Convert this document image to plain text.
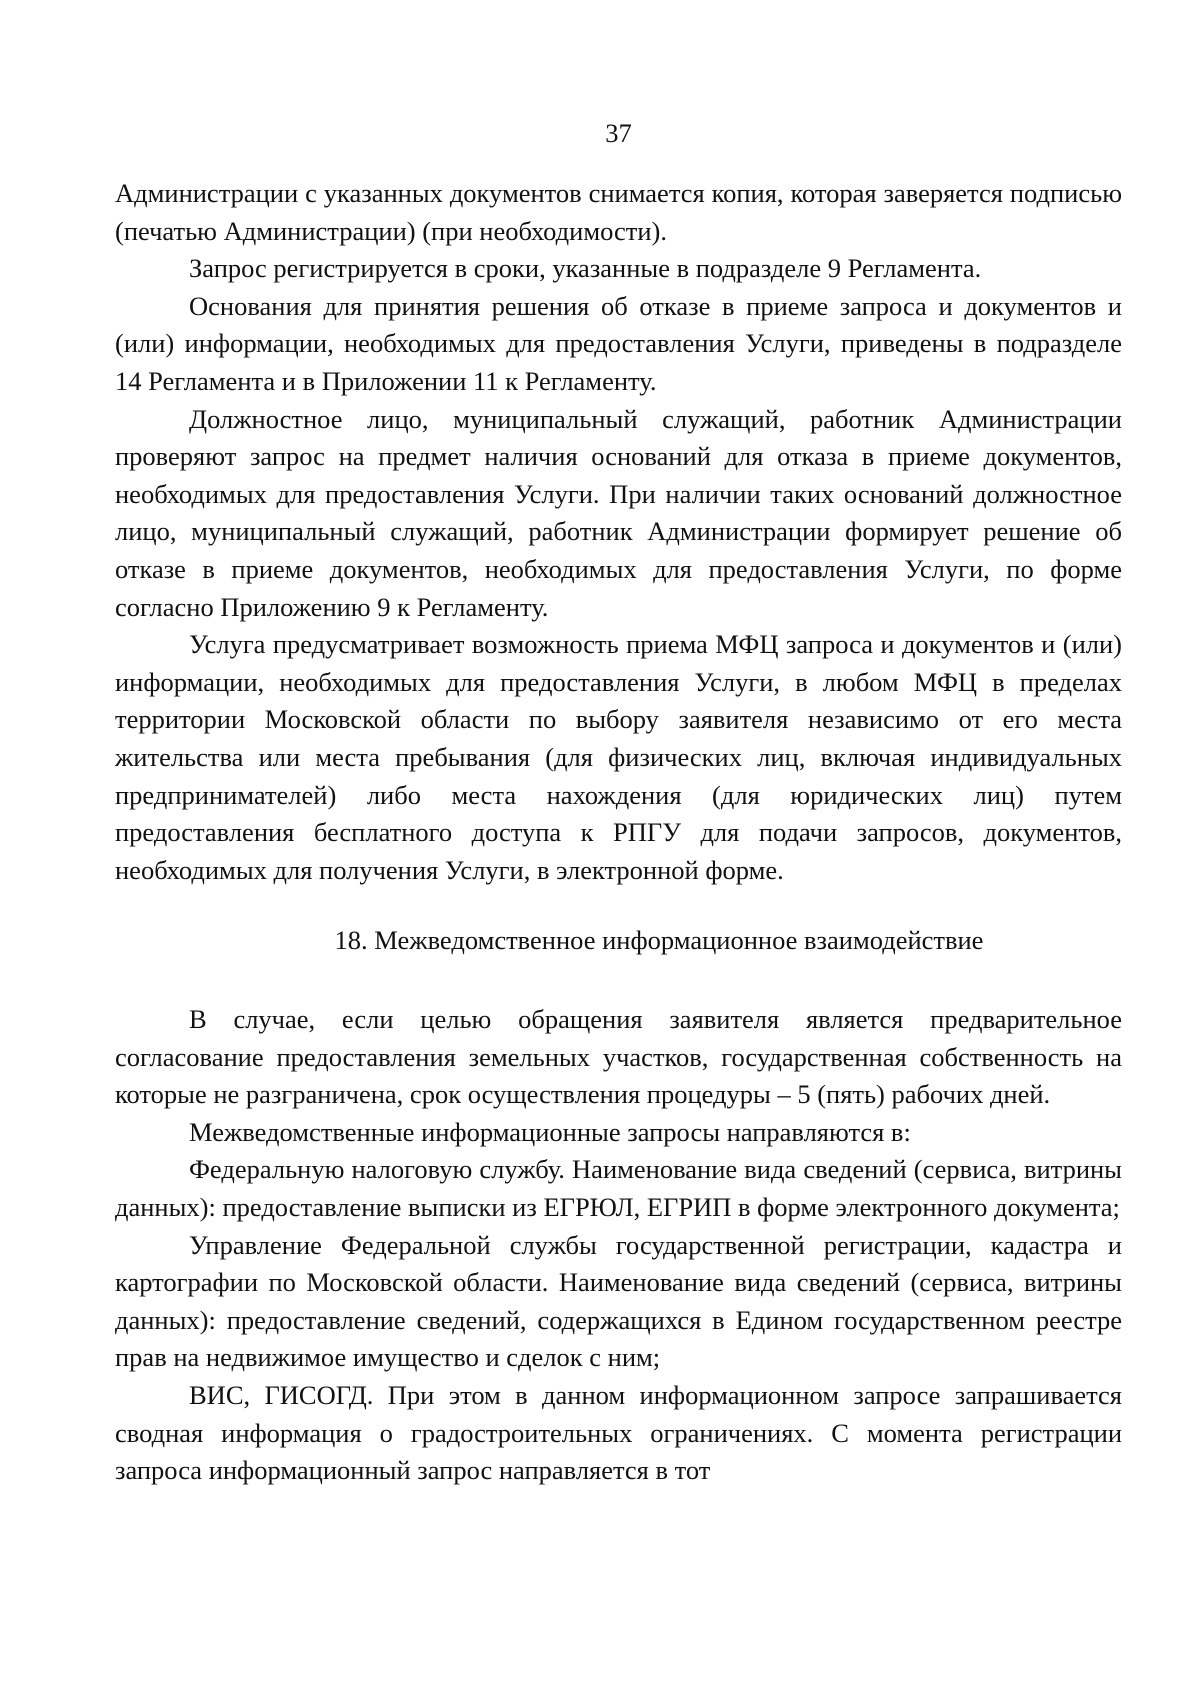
37

Администрации с указанных документов снимается копия, которая заверяется подписью (печатью Администрации) (при необходимости).

Запрос регистрируется в сроки, указанные в подразделе 9 Регламента.

Основания для принятия решения об отказе в приеме запроса и документов и (или) информации, необходимых для предоставления Услуги, приведены в подразделе 14 Регламента и в Приложении 11 к Регламенту.

Должностное лицо, муниципальный служащий, работник Администрации проверяют запрос на предмет наличия оснований для отказа в приеме документов, необходимых для предоставления Услуги. При наличии таких оснований должностное лицо, муниципальный служащий, работник Администрации формирует решение об отказе в приеме документов, необходимых для предоставления Услуги, по форме согласно Приложению 9 к Регламенту.

Услуга предусматривает возможность приема МФЦ запроса и документов и (или) информации, необходимых для предоставления Услуги, в любом МФЦ в пределах территории Московской области по выбору заявителя независимо от его места жительства или места пребывания (для физических лиц, включая индивидуальных предпринимателей) либо места нахождения (для юридических лиц) путем предоставления бесплатного доступа к РПГУ для подачи запросов, документов, необходимых для получения Услуги, в электронной форме.

18. Межведомственное информационное взаимодействие

В случае, если целью обращения заявителя является предварительное согласование предоставления земельных участков, государственная собственность на которые не разграничена, срок осуществления процедуры – 5 (пять) рабочих дней.

Межведомственные информационные запросы направляются в:

Федеральную налоговую службу. Наименование вида сведений (сервиса, витрины данных): предоставление выписки из ЕГРЮЛ, ЕГРИП в форме электронного документа;

Управление Федеральной службы государственной регистрации, кадастра и картографии по Московской области. Наименование вида сведений (сервиса, витрины данных): предоставление сведений, содержащихся в Едином государственном реестре прав на недвижимое имущество и сделок с ним;

ВИС, ГИСОГД. При этом в данном информационном запросе запрашивается сводная информация о градостроительных ограничениях. С момента регистрации запроса информационный запрос направляется в тот
